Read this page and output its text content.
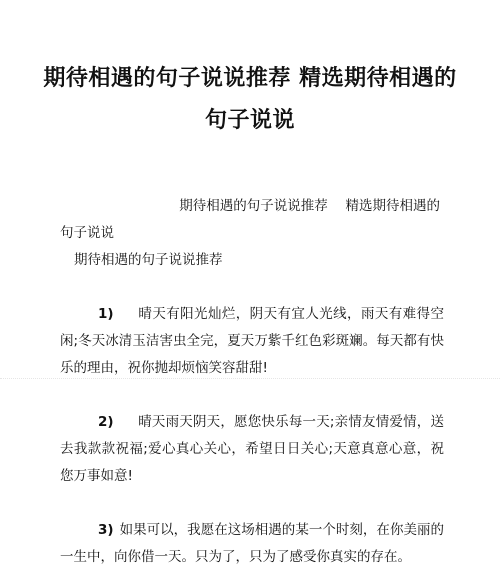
期待相遇的句子说说推荐 精选期待相遇的句子说说
期待相遇的句子说说推荐　 精选期待相遇的
句子说说
期待相遇的句子说说推荐
1) 晴天有阳光灿烂，阴天有宜人光线，雨天有难得空闲;冬天冰清玉洁害虫全完，夏天万紫千红色彩斑斓。每天都有快乐的理由，祝你抛却烦恼笑容甜甜!
2) 晴天雨天阴天，愿您快乐每一天;亲情友情爱情，送去我款款祝福;爱心真心关心，希望日日关心;天意真意心意，祝您万事如意!
3) 如果可以，我愿在这场相遇的某一个时刻，在你美丽的一生中，向你借一天。只为了，只为了感受你真实的存在。
